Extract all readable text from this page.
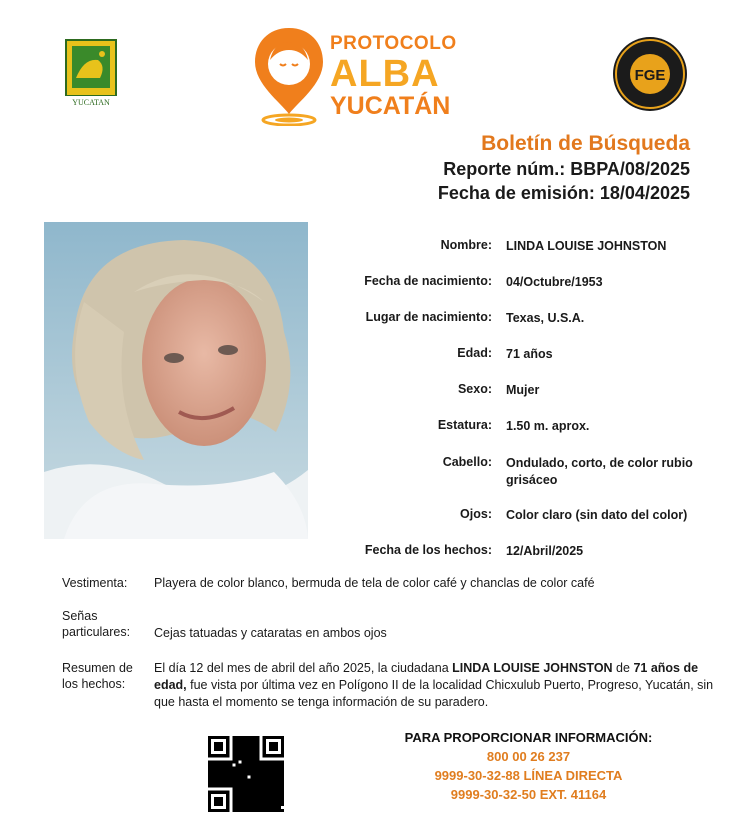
YUCATAN
PROTOCOLO
ALBA
YUCATÁN
FGE
Boletín de Búsqueda
Reporte núm.: BBPA/08/2025
Fecha de emisión: 18/04/2025
Nombre: LINDA LOUISE JOHNSTON
Fecha de nacimiento: 04/Octubre/1953
Lugar de nacimiento: Texas, U.S.A.
Edad: 71 años
Sexo: Mujer
Estatura: 1.50 m. aprox.
Cabello: Ondulado, corto, de color rubio grisáceo
Ojos: Color claro (sin dato del color)
Fecha de los hechos: 12/Abril/2025
Vestimenta:	Playera de color blanco, bermuda de tela de color café y chanclas de color café
Señas
particulares:	Cejas tatuadas y cataratas en ambos ojos
Resumen de
los hechos:
El día 12 del mes de abril del año 2025, la ciudadana LINDA LOUISE JOHNSTON de 71 años de edad, fue vista por última vez en Polígono II de la localidad Chicxulub Puerto, Progreso, Yucatán, sin que hasta el momento se tenga información de su paradero.
PARA PROPORCIONAR INFORMACIÓN:
800 00 26 237
9999-30-32-88 LÍNEA DIRECTA
9999-30-32-50 EXT. 41164
